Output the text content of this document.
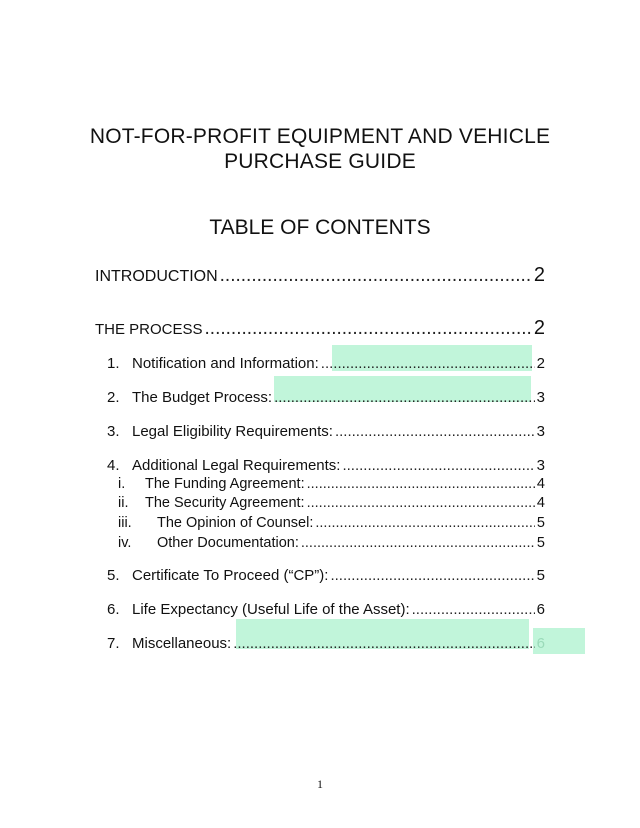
NOT-FOR-PROFIT EQUIPMENT AND VEHICLE
PURCHASE GUIDE
TABLE OF CONTENTS
INTRODUCTION .....	2
THE PROCESS .....	2
1. Notification and Information: .....	2
2. The Budget Process: .....	3
3. Legal Eligibility Requirements: .....	3
4. Additional Legal Requirements: .....	3
i. The Funding Agreement: .....	4
ii. The Security Agreement: .....	4
iii. The Opinion of Counsel: .....	5
iv. Other Documentation: .....	5
5. Certificate To Proceed (“CP”): .....	5
6. Life Expectancy (Useful Life of the Asset): .....	6
7. Miscellaneous: .....	6
1
